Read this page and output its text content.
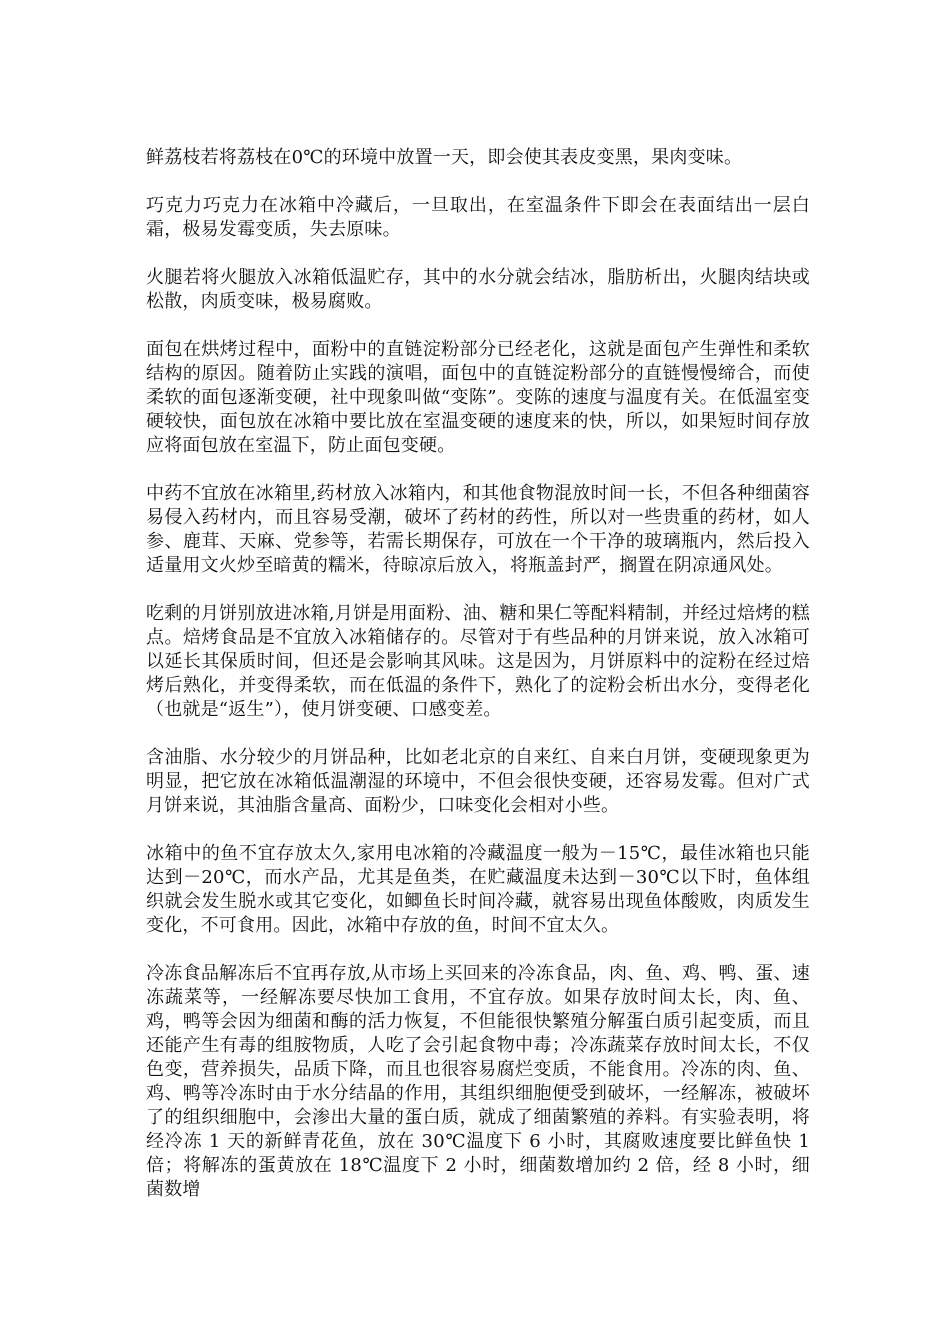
鲜荔枝若将荔枝在0℃的环境中放置一天，即会使其表皮变黑，果肉变味。

巧克力巧克力在冰箱中冷藏后，一旦取出，在室温条件下即会在表面结出一层白霜，极易发霉变质，失去原味。

火腿若将火腿放入冰箱低温贮存，其中的水分就会结冰，脂肪析出，火腿肉结块或松散，肉质变味，极易腐败。

面包在烘烤过程中，面粉中的直链淀粉部分已经老化，这就是面包产生弹性和柔软结构的原因。随着防止实践的演唱，面包中的直链淀粉部分的直链慢慢缔合，而使柔软的面包逐渐变硬，社中现象叫做“变陈”。变陈的速度与温度有关。在低温室变硬较快，面包放在冰箱中要比放在室温变硬的速度来的快，所以，如果短时间存放应将面包放在室温下，防止面包变硬。

中药不宜放在冰箱里,药材放入冰箱内，和其他食物混放时间一长，不但各种细菌容易侵入药材内，而且容易受潮，破坏了药材的药性，所以对一些贵重的药材，如人参、鹿茸、天麻、党参等，若需长期保存，可放在一个干净的玻璃瓶内，然后投入适量用文火炒至暗黄的糯米，待晾凉后放入，将瓶盖封严，搁置在阴凉通风处。

吃剩的月饼别放进冰箱,月饼是用面粉、油、糖和果仁等配料精制，并经过焙烤的糕点。焙烤食品是不宜放入冰箱储存的。尽管对于有些品种的月饼来说，放入冰箱可以延长其保质时间，但还是会影响其风味。这是因为，月饼原料中的淀粉在经过焙烤后熟化，并变得柔软，而在低温的条件下，熟化了的淀粉会析出水分，变得老化（也就是“返生”），使月饼变硬、口感变差。

含油脂、水分较少的月饼品种，比如老北京的自来红、自来白月饼，变硬现象更为明显，把它放在冰箱低温潮湿的环境中，不但会很快变硬，还容易发霉。但对广式月饼来说，其油脂含量高、面粉少，口味变化会相对小些。

冰箱中的鱼不宜存放太久,家用电冰箱的冷藏温度一般为－15℃，最佳冰箱也只能达到－20℃，而水产品，尤其是鱼类，在贮藏温度未达到－30℃以下时，鱼体组织就会发生脱水或其它变化，如鲫鱼长时间冷藏，就容易出现鱼体酸败，肉质发生变化，不可食用。因此，冰箱中存放的鱼，时间不宜太久。

冷冻食品解冻后不宜再存放,从市场上买回来的冷冻食品，肉、鱼、鸡、鸭、蛋、速冻蔬菜等，一经解冻要尽快加工食用，不宜存放。如果存放时间太长，肉、鱼、鸡，鸭等会因为细菌和酶的活力恢复，不但能很快繁殖分解蛋白质引起变质，而且还能产生有毒的组胺物质，人吃了会引起食物中毒；冷冻蔬菜存放时间太长，不仅色变，营养损失，品质下降，而且也很容易腐烂变质，不能食用。冷冻的肉、鱼、鸡、鸭等冷冻时由于水分结晶的作用，其组织细胞便受到破坏，一经解冻，被破坏了的组织细胞中，会渗出大量的蛋白质，就成了细菌繁殖的养料。有实验表明，将经冷冻 1 天的新鲜青花鱼，放在 30℃温度下 6 小时，其腐败速度要比鲜鱼快 1 倍；将解冻的蛋黄放在 18℃温度下 2 小时，细菌数增加约 2 倍，经 8 小时，细菌数增
